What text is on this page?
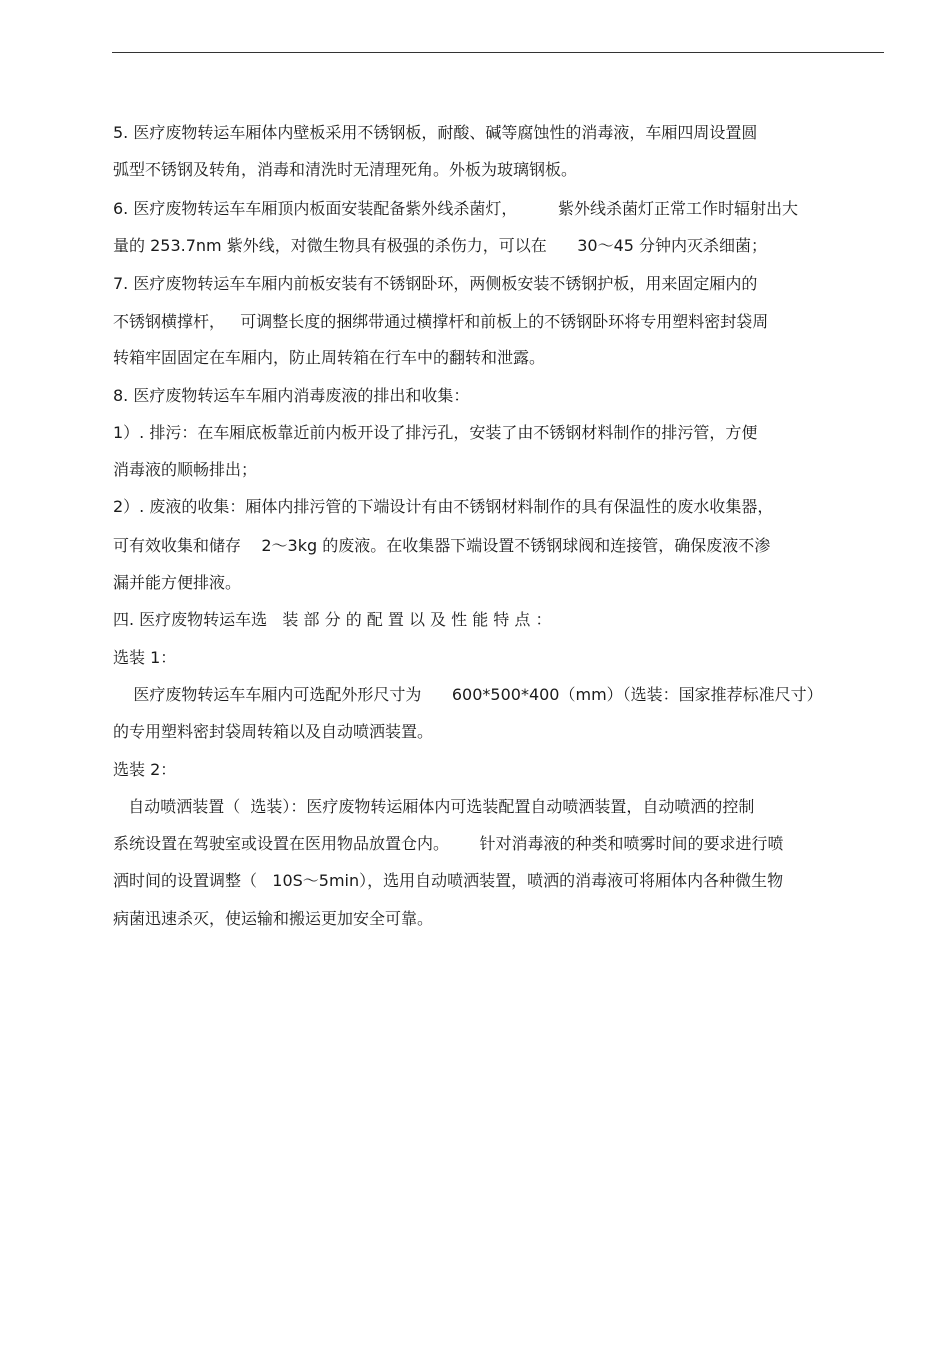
5. 医疗废物转运车厢体内壁板采用不锈钢板，耐酸、碱等腐蚀性的消毒液，车厢四周设置圆
弧型不锈钢及转角，消毒和清洗时无清理死角。外板为玻璃钢板。
6. 医疗废物转运车车厢顶内板面安装配备紫外线杀菌灯，        紫外线杀菌灯正常工作时辐射出大
量的 253.7nm 紫外线，对微生物具有极强的杀伤力，可以在      30～45 分钟内灭杀细菌；
7. 医疗废物转运车车厢内前板安装有不锈钢卧环，两侧板安装不锈钢护板，用来固定厢内的
不锈钢横撑杆，   可调整长度的捆绑带通过横撑杆和前板上的不锈钢卧环将专用塑料密封袋周
转箱牢固固定在车厢内，防止周转箱在行车中的翻转和泄露。
8. 医疗废物转运车车厢内消毒废液的排出和收集：
1）. 排污：在车厢底板靠近前内板开设了排污孔，安装了由不锈钢材料制作的排污管，方便
消毒液的顺畅排出；
2）. 废液的收集：厢体内排污管的下端设计有由不锈钢材料制作的具有保温性的废水收集器，
可有效收集和储存    2～3kg 的废液。在收集器下端设置不锈钢球阀和连接管，确保废液不渗
漏并能方便排液。
四. 医疗废物转运车选   装 部 分 的 配 置 以 及 性 能 特 点 ：
选装 1：
医疗废物转运车车厢内可选配外形尺寸为      600*500*400（mm）（选装：国家推荐标准尺寸）
的专用塑料密封袋周转箱以及自动喷洒装置。
选装 2：
自动喷洒装置（  选装）：医疗废物转运厢体内可选装配置自动喷洒装置，自动喷洒的控制
系统设置在驾驶室或设置在医用物品放置仓内。      针对消毒液的种类和喷雾时间的要求进行喷
洒时间的设置调整（   10S～5min），选用自动喷洒装置，喷洒的消毒液可将厢体内各种微生物
病菌迅速杀灭，使运输和搬运更加安全可靠。
